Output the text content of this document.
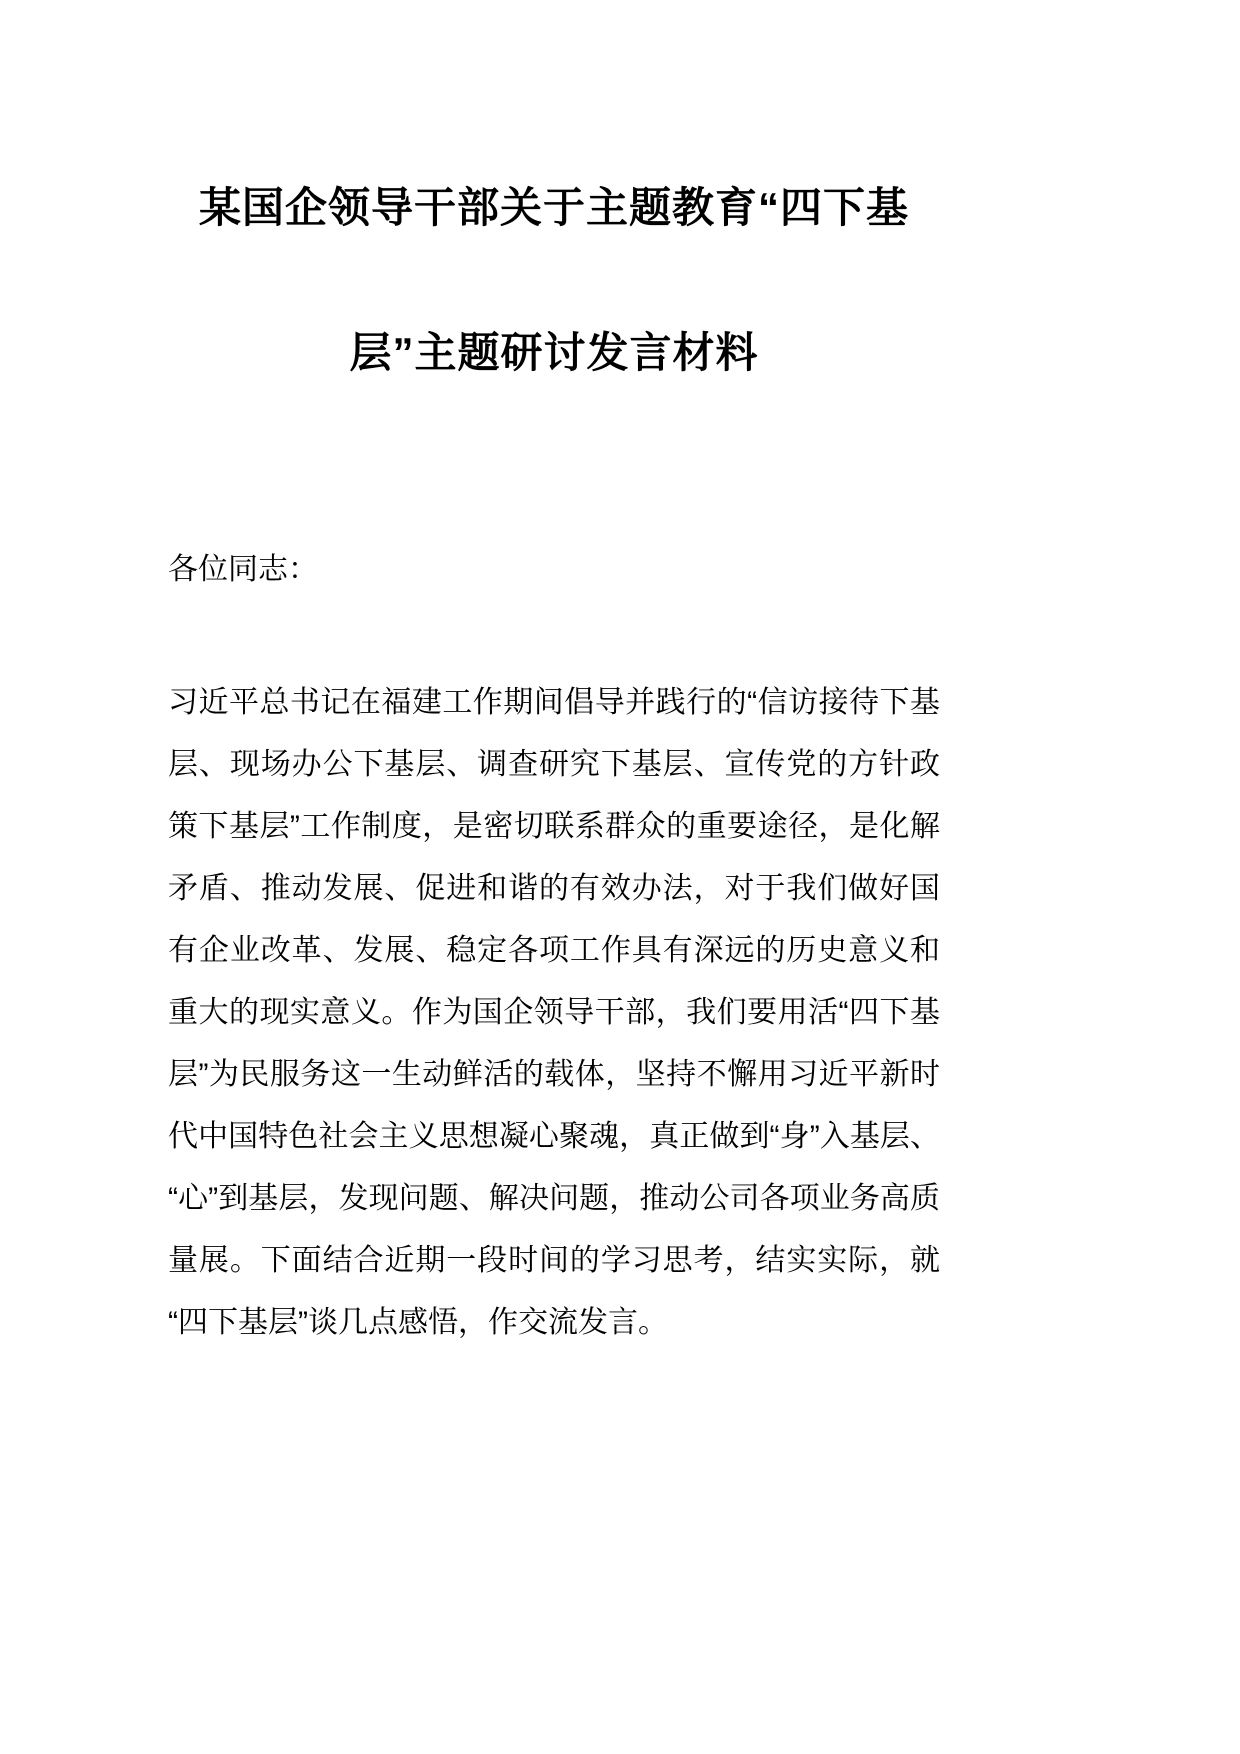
某国企领导干部关于主题教育“四下基
层”主题研讨发言材料

各位同志：

习近平总书记在福建工作期间倡导并践行的“信访接待下基层、现场办公下基层、调查研究下基层、宣传党的方针政策下基层”工作制度，是密切联系群众的重要途径，是化解矛盾、推动发展、促进和谐的有效办法，对于我们做好国有企业改革、发展、稳定各项工作具有深远的历史意义和重大的现实意义。作为国企领导干部，我们要用活“四下基层”为民服务这一生动鲜活的载体，坚持不懈用习近平新时代中国特色社会主义思想凝心聚魂，真正做到“身”入基层、“心”到基层，发现问题、解决问题，推动公司各项业务高质量展。下面结合近期一段时间的学习思考，结实实际，就“四下基层”谈几点感悟，作交流发言。
